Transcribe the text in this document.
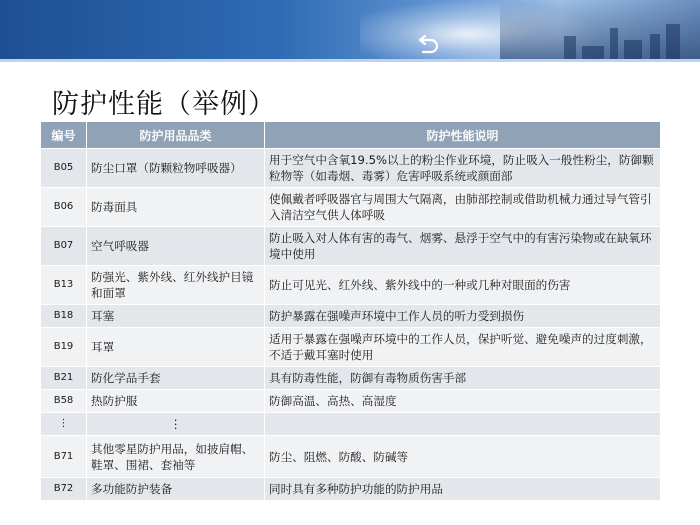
防护性能（举例）
编号	防护用品品类	防护性能说明
B05	防尘口罩（防颗粒物呼吸器）	用于空气中含氧19.5%以上的粉尘作业环境，防止吸入一般性粉尘，防御颗粒物等（如毒烟、毒雾）危害呼吸系统或颜面部
B06	防毒面具	使佩戴者呼吸器官与周围大气隔离，由肺部控制或借助机械力通过导气管引入清洁空气供人体呼吸
B07	空气呼吸器	防止吸入对人体有害的毒气、烟雾、悬浮于空气中的有害污染物或在缺氧环境中使用
B13	防强光、紫外线、红外线护目镜和面罩	防止可见光、红外线、紫外线中的一种或几种对眼面的伤害
B18	耳塞	防护暴露在强噪声环境中工作人员的听力受到损伤
B19	耳罩	适用于暴露在强噪声环境中的工作人员，保护听觉、避免噪声的过度刺激，不适于戴耳塞时使用
B21	防化学品手套	具有防毒性能，防御有毒物质伤害手部
B58	热防护服	防御高温、高热、高湿度
⋮	⋮	
B71	其他零星防护用品，如披肩帽、鞋罩、围裙、套袖等	防尘、阻燃、防酸、防碱等
B72	多功能防护装备	同时具有多种防护功能的防护用品
